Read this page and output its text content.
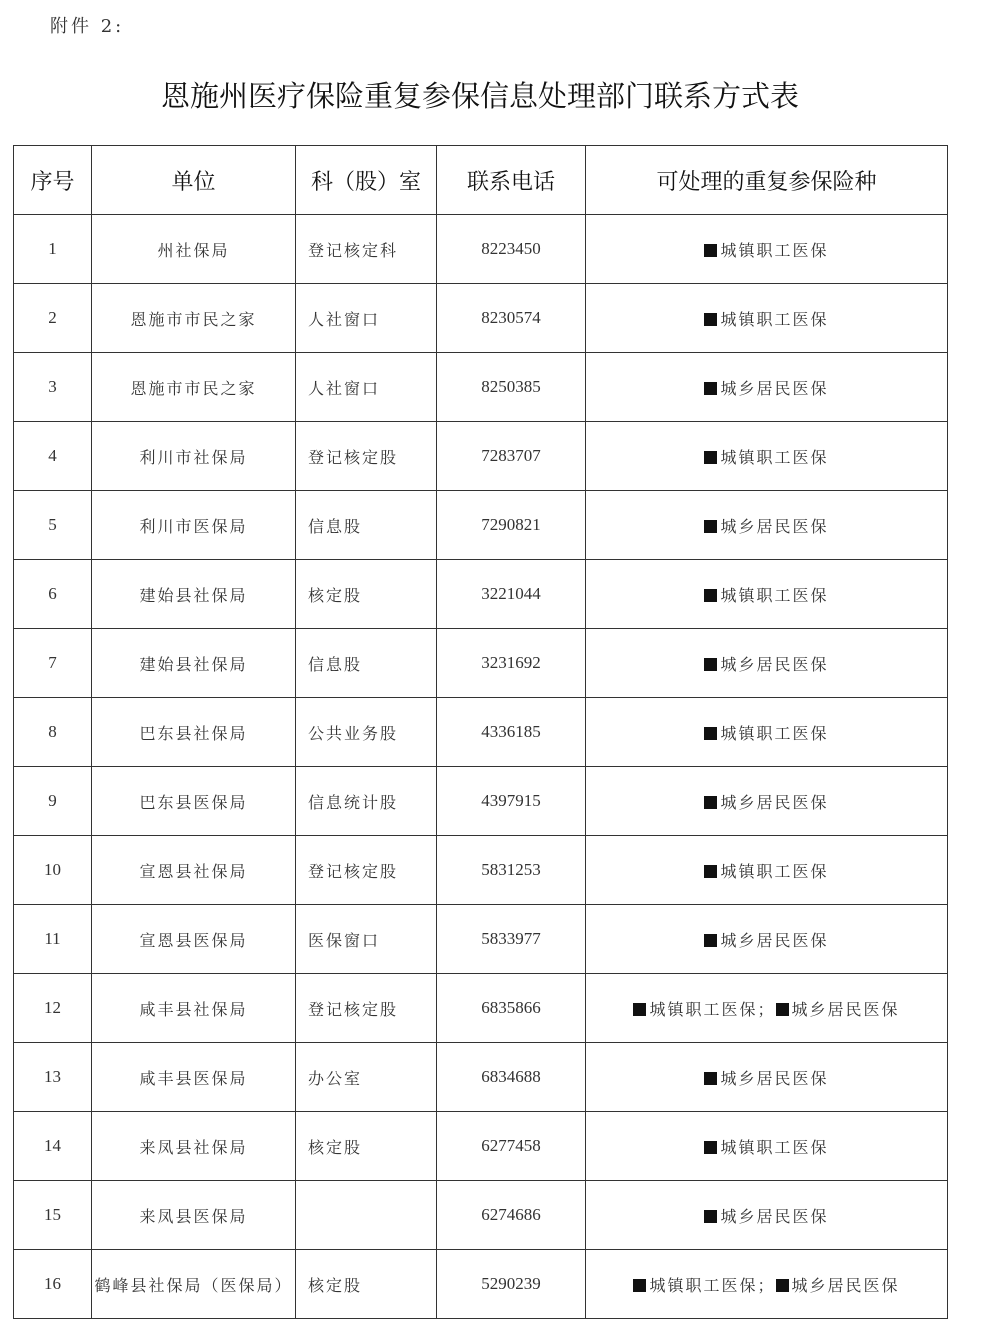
附件 2:
恩施州医疗保险重复参保信息处理部门联系方式表
序号	单位	科（股）室	联系电话	可处理的重复参保险种
1	州社保局	登记核定科	8223450	城镇职工医保
2	恩施市市民之家	人社窗口	8230574	城镇职工医保
3	恩施市市民之家	人社窗口	8250385	城乡居民医保
4	利川市社保局	登记核定股	7283707	城镇职工医保
5	利川市医保局	信息股	7290821	城乡居民医保
6	建始县社保局	核定股	3221044	城镇职工医保
7	建始县社保局	信息股	3231692	城乡居民医保
8	巴东县社保局	公共业务股	4336185	城镇职工医保
9	巴东县医保局	信息统计股	4397915	城乡居民医保
10	宣恩县社保局	登记核定股	5831253	城镇职工医保
11	宣恩县医保局	医保窗口	5833977	城乡居民医保
12	咸丰县社保局	登记核定股	6835866	城镇职工医保； 城乡居民医保
13	咸丰县医保局	办公室	6834688	城乡居民医保
14	来凤县社保局	核定股	6277458	城镇职工医保
15	来凤县医保局		6274686	城乡居民医保
16	鹤峰县社保局（医保局）	核定股	5290239	城镇职工医保； 城乡居民医保
